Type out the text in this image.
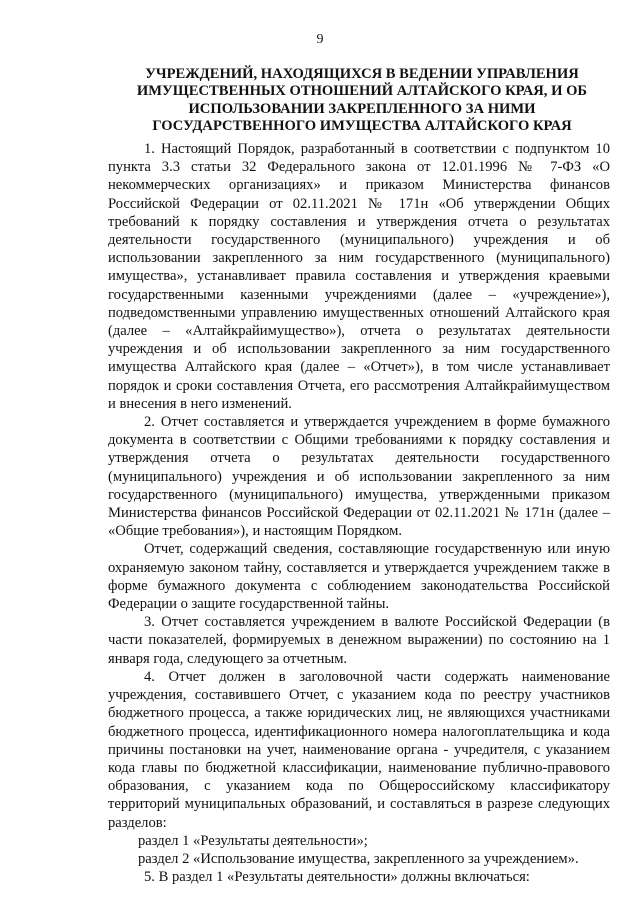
9
УЧРЕЖДЕНИЙ, НАХОДЯЩИХСЯ В ВЕДЕНИИ УПРАВЛЕНИЯ ИМУЩЕСТВЕННЫХ ОТНОШЕНИЙ АЛТАЙСКОГО КРАЯ, И ОБ ИСПОЛЬЗОВАНИИ ЗАКРЕПЛЕННОГО ЗА НИМИ ГОСУДАРСТВЕННОГО ИМУЩЕСТВА АЛТАЙСКОГО КРАЯ

1. Настоящий Порядок, разработанный в соответствии с подпунктом 10 пункта 3.3 статьи 32 Федерального закона от 12.01.1996 № 7-ФЗ «О некоммерческих организациях» и приказом Министерства финансов Российской Федерации от 02.11.2021 № 171н «Об утверждении Общих требований к порядку составления и утверждения отчета о результатах деятельности государственного (муниципального) учреждения и об использовании закрепленного за ним государственного (муниципального) имущества», устанавливает правила составления и утверждения краевыми государственными казенными учреждениями (далее – «учреждение»), подведомственными управлению имущественных отношений Алтайского края (далее – «Алтайкрайимущество»), отчета о результатах деятельности учреждения и об использовании закрепленного за ним государственного имущества Алтайского края (далее – «Отчет»), в том числе устанавливает порядок и сроки составления Отчета, его рассмотрения Алтайкрайимуществом и внесения в него изменений.

2. Отчет составляется и утверждается учреждением в форме бумажного документа в соответствии с Общими требованиями к порядку составления и утверждения отчета о результатах деятельности государственного (муниципального) учреждения и об использовании закрепленного за ним государственного (муниципального) имущества, утвержденными приказом Министерства финансов Российской Федерации от 02.11.2021 № 171н (далее – «Общие требования»), и настоящим Порядком.

Отчет, содержащий сведения, составляющие государственную или иную охраняемую законом тайну, составляется и утверждается учреждением также в форме бумажного документа с соблюдением законодательства Российской Федерации о защите государственной тайны.

3. Отчет составляется учреждением в валюте Российской Федерации (в части показателей, формируемых в денежном выражении) по состоянию на 1 января года, следующего за отчетным.

4. Отчет должен в заголовочной части содержать наименование учреждения, составившего Отчет, с указанием кода по реестру участников бюджетного процесса, а также юридических лиц, не являющихся участниками бюджетного процесса, идентификационного номера налогоплательщика и кода причины постановки на учет, наименование органа - учредителя, с указанием кода главы по бюджетной классификации, наименование публично-правового образования, с указанием кода по Общероссийскому классификатору территорий муниципальных образований, и составляться в разрезе следующих разделов:

раздел 1 «Результаты деятельности»;

раздел 2 «Использование имущества, закрепленного за учреждением».

5. В раздел 1 «Результаты деятельности» должны включаться:
